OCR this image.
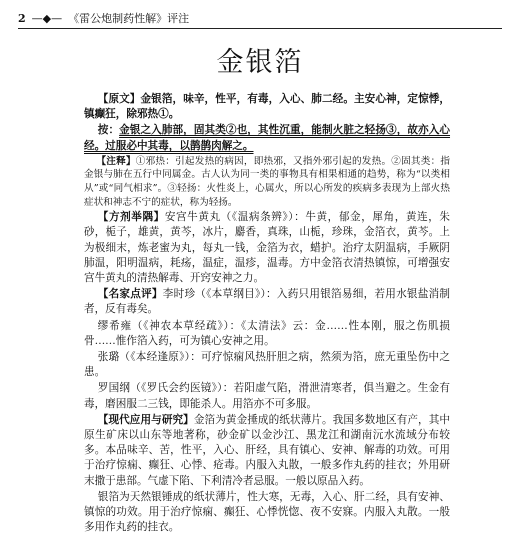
2 —◆— 《雷公炮制药性解》评注
金银箔

【原文】金银箔，味辛，性平，有毒，入心、肺二经。主安心神，定惊悸，镇癫狂，除邪热①。

按：金银之入肺部，固其类②也，其性沉重，能制火脏之轻扬③，故亦入心经。过服必中其毒，以鹊鹊肉解之。

【注释】①邪热：引起发热的病因，即热邪，又指外邪引起的发热。②固其类：指金银与肺在五行中同属金。古人认为同一类的事物具有相果相通的趋势，称为“以类相从”或“同气相求”。③轻扬：火性炎上，心属火，所以心所发的疾病多表现为上部火热症状和神志不宁的症状，称为轻扬。

【方剂举隅】安宫牛黄丸（《温病条辨》）：牛黄，郁金，犀角，黄连，朱砂，栀子，雄黄，黄芩，冰片，麝香，真珠，山栀，珍珠，金箔衣，黄芩。上为极细末，炼老蜜为丸，每丸一钱，金箔为衣，蜡护。治疗太阴温病，手厥阴肺温，阳明温病，耗疡，温症，温疹，温毒。方中金箔衣清热镇惊，可增强安宫牛黄丸的清热解毒、开窍安神之力。

【名家点评】李时珍（《本草纲目》）：入药只用银箔易细，若用水银盐消制者，反有毒矣。

缪希雍（《神农本草经疏》）：《太清法》云：金……性本刚，服之伤肌损骨……惟作箔入药，可为镇心安神之用。

张璐（《本经逢原》）：可疗惊痫风热肝胆之病，然须为箔，庶无重坠伤中之患。

罗国纲（《罗氏会约医镜》）：若阳虚气陷，滑泄清寒者，俱当避之。生金有毒，磨困服二三钱，即能杀人。用箔亦不可多服。

【现代应用与研究】金箔为黄金捶成的纸状薄片。我国多数地区有产，其中原生矿床以山东等地著称，砂金矿以金沙江、黑龙江和湖南沅水流域分布较多。本品味辛、苦，性平，入心、肝经，具有镇心、安神、解毒的功效。可用于治疗惊痫、癫狂、心悸、疮毒。内服入丸散，一般多作丸药的挂衣；外用研末撒于患部。气虚下陷、下利清冷者忌服。一般以原品入药。

银箔为天然银锤成的纸状薄片，性大寒，无毒，入心、肝二经，具有安神、镇惊的功效。用于治疗惊痫、癫狂、心悸恍惚、夜不安寐。内服入丸散。一般多用作丸药的挂衣。
